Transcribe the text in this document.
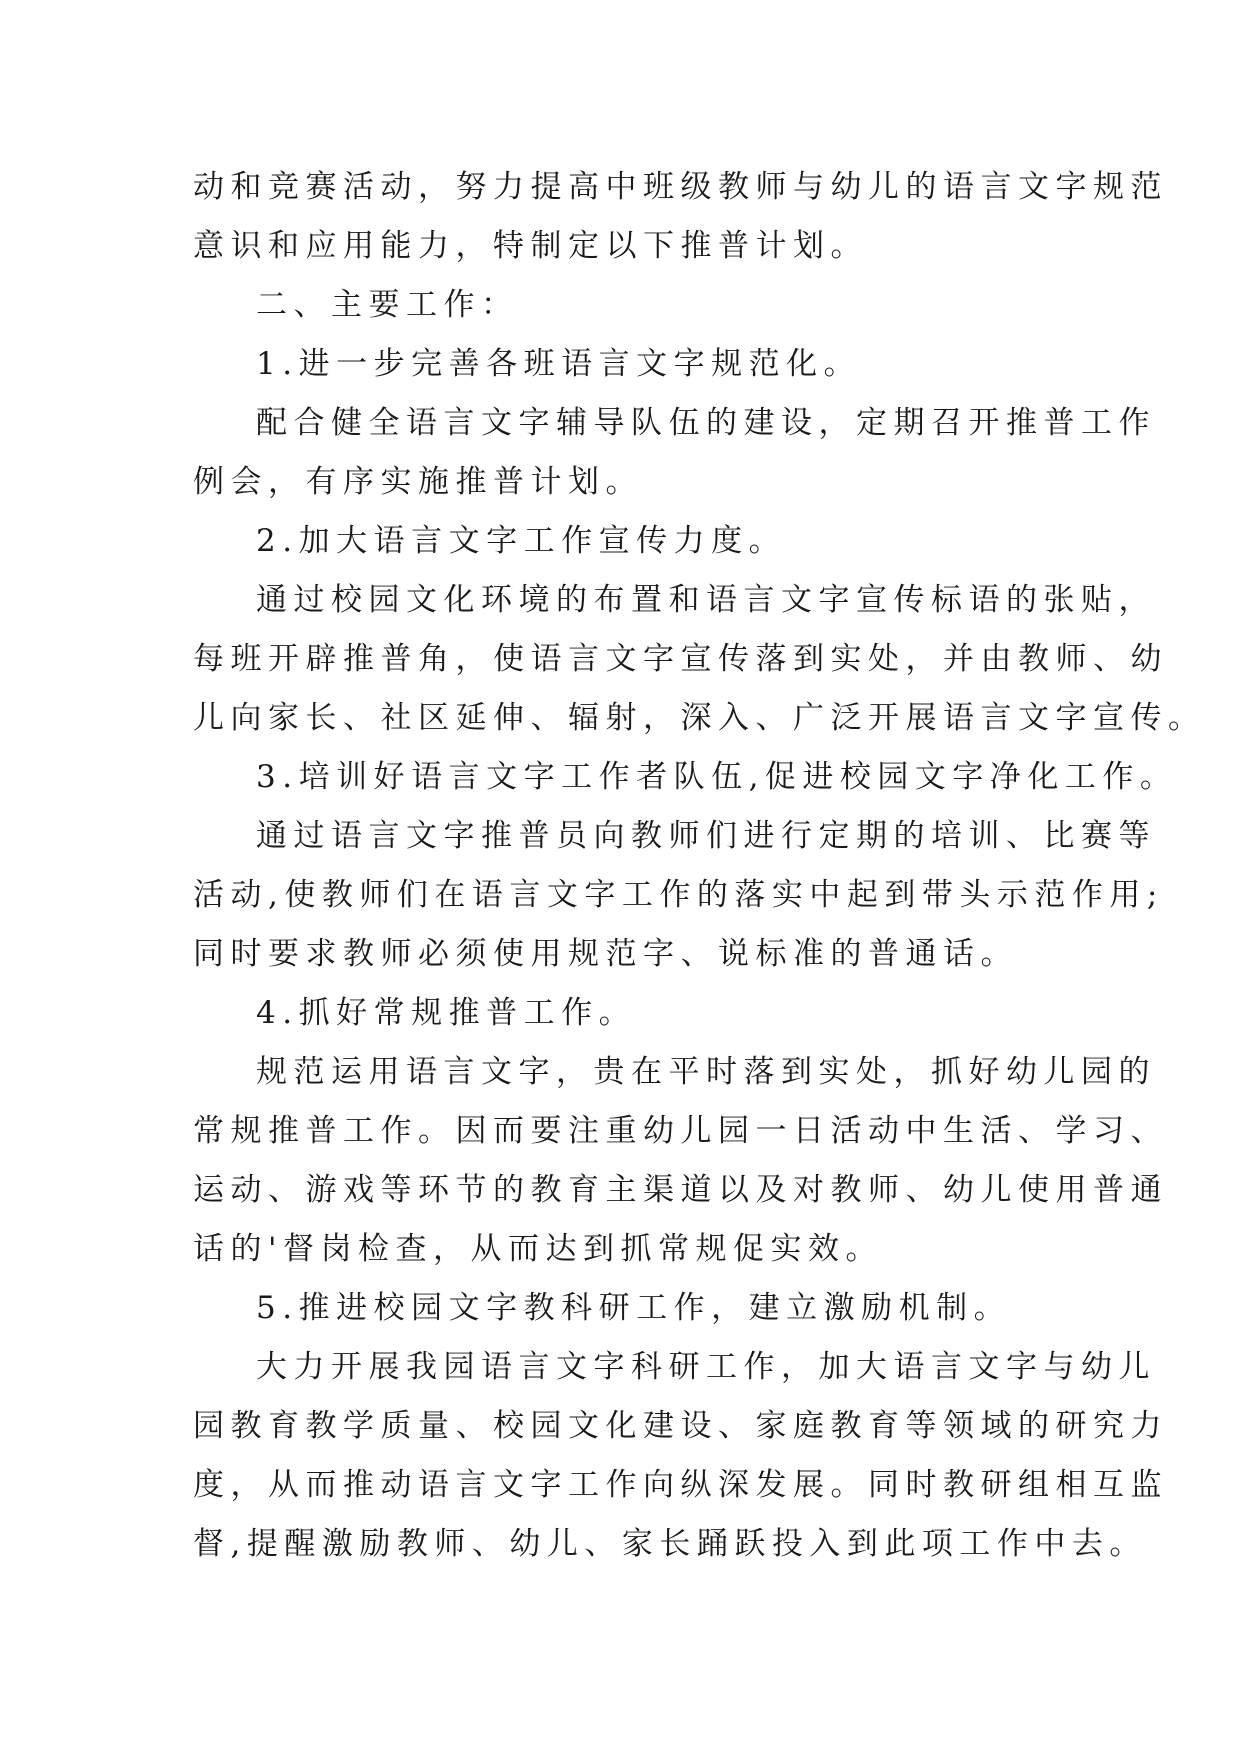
动和竞赛活动，努力提高中班级教师与幼儿的语言文字规范

意识和应用能力，特制定以下推普计划。

二、主要工作：

1.进一步完善各班语言文字规范化。

配合健全语言文字辅导队伍的建设，定期召开推普工作

例会，有序实施推普计划。

2.加大语言文字工作宣传力度。

通过校园文化环境的布置和语言文字宣传标语的张贴，

每班开辟推普角，使语言文字宣传落到实处，并由教师、幼

儿向家长、社区延伸、辐射，深入、广泛开展语言文字宣传。

3.培训好语言文字工作者队伍,促进校园文字净化工作。

通过语言文字推普员向教师们进行定期的培训、比赛等

活动,使教师们在语言文字工作的落实中起到带头示范作用;

同时要求教师必须使用规范字、说标准的普通话。

4.抓好常规推普工作。

规范运用语言文字，贵在平时落到实处，抓好幼儿园的

常规推普工作。因而要注重幼儿园一日活动中生活、学习、

运动、游戏等环节的教育主渠道以及对教师、幼儿使用普通

话的'督岗检查，从而达到抓常规促实效。

5.推进校园文字教科研工作，建立激励机制。

大力开展我园语言文字科研工作，加大语言文字与幼儿

园教育教学质量、校园文化建设、家庭教育等领域的研究力

度，从而推动语言文字工作向纵深发展。同时教研组相互监

督,提醒激励教师、幼儿、家长踊跃投入到此项工作中去。
